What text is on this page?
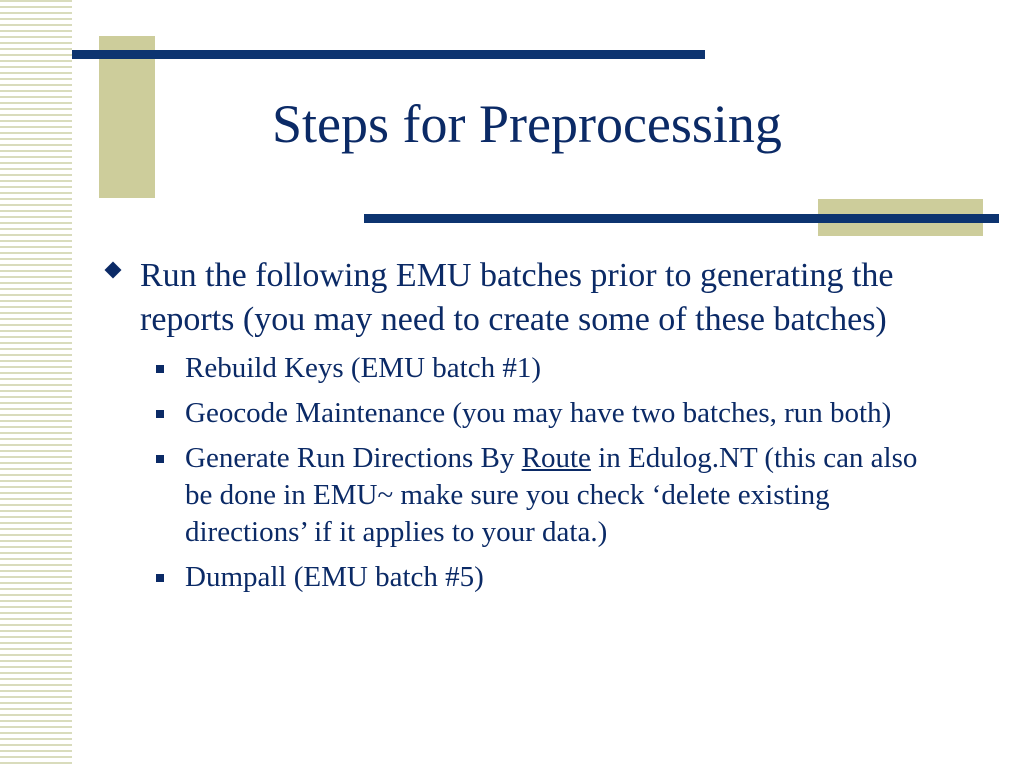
Steps for Preprocessing
Run the following EMU batches prior to generating the reports (you may need to create some of these batches)
Rebuild Keys (EMU batch #1)
Geocode Maintenance (you may have two batches, run both)
Generate Run Directions By Route in Edulog.NT (this can also be done in EMU~ make sure you check ‘delete existing directions’ if it applies to your data.)
Dumpall (EMU batch #5)
